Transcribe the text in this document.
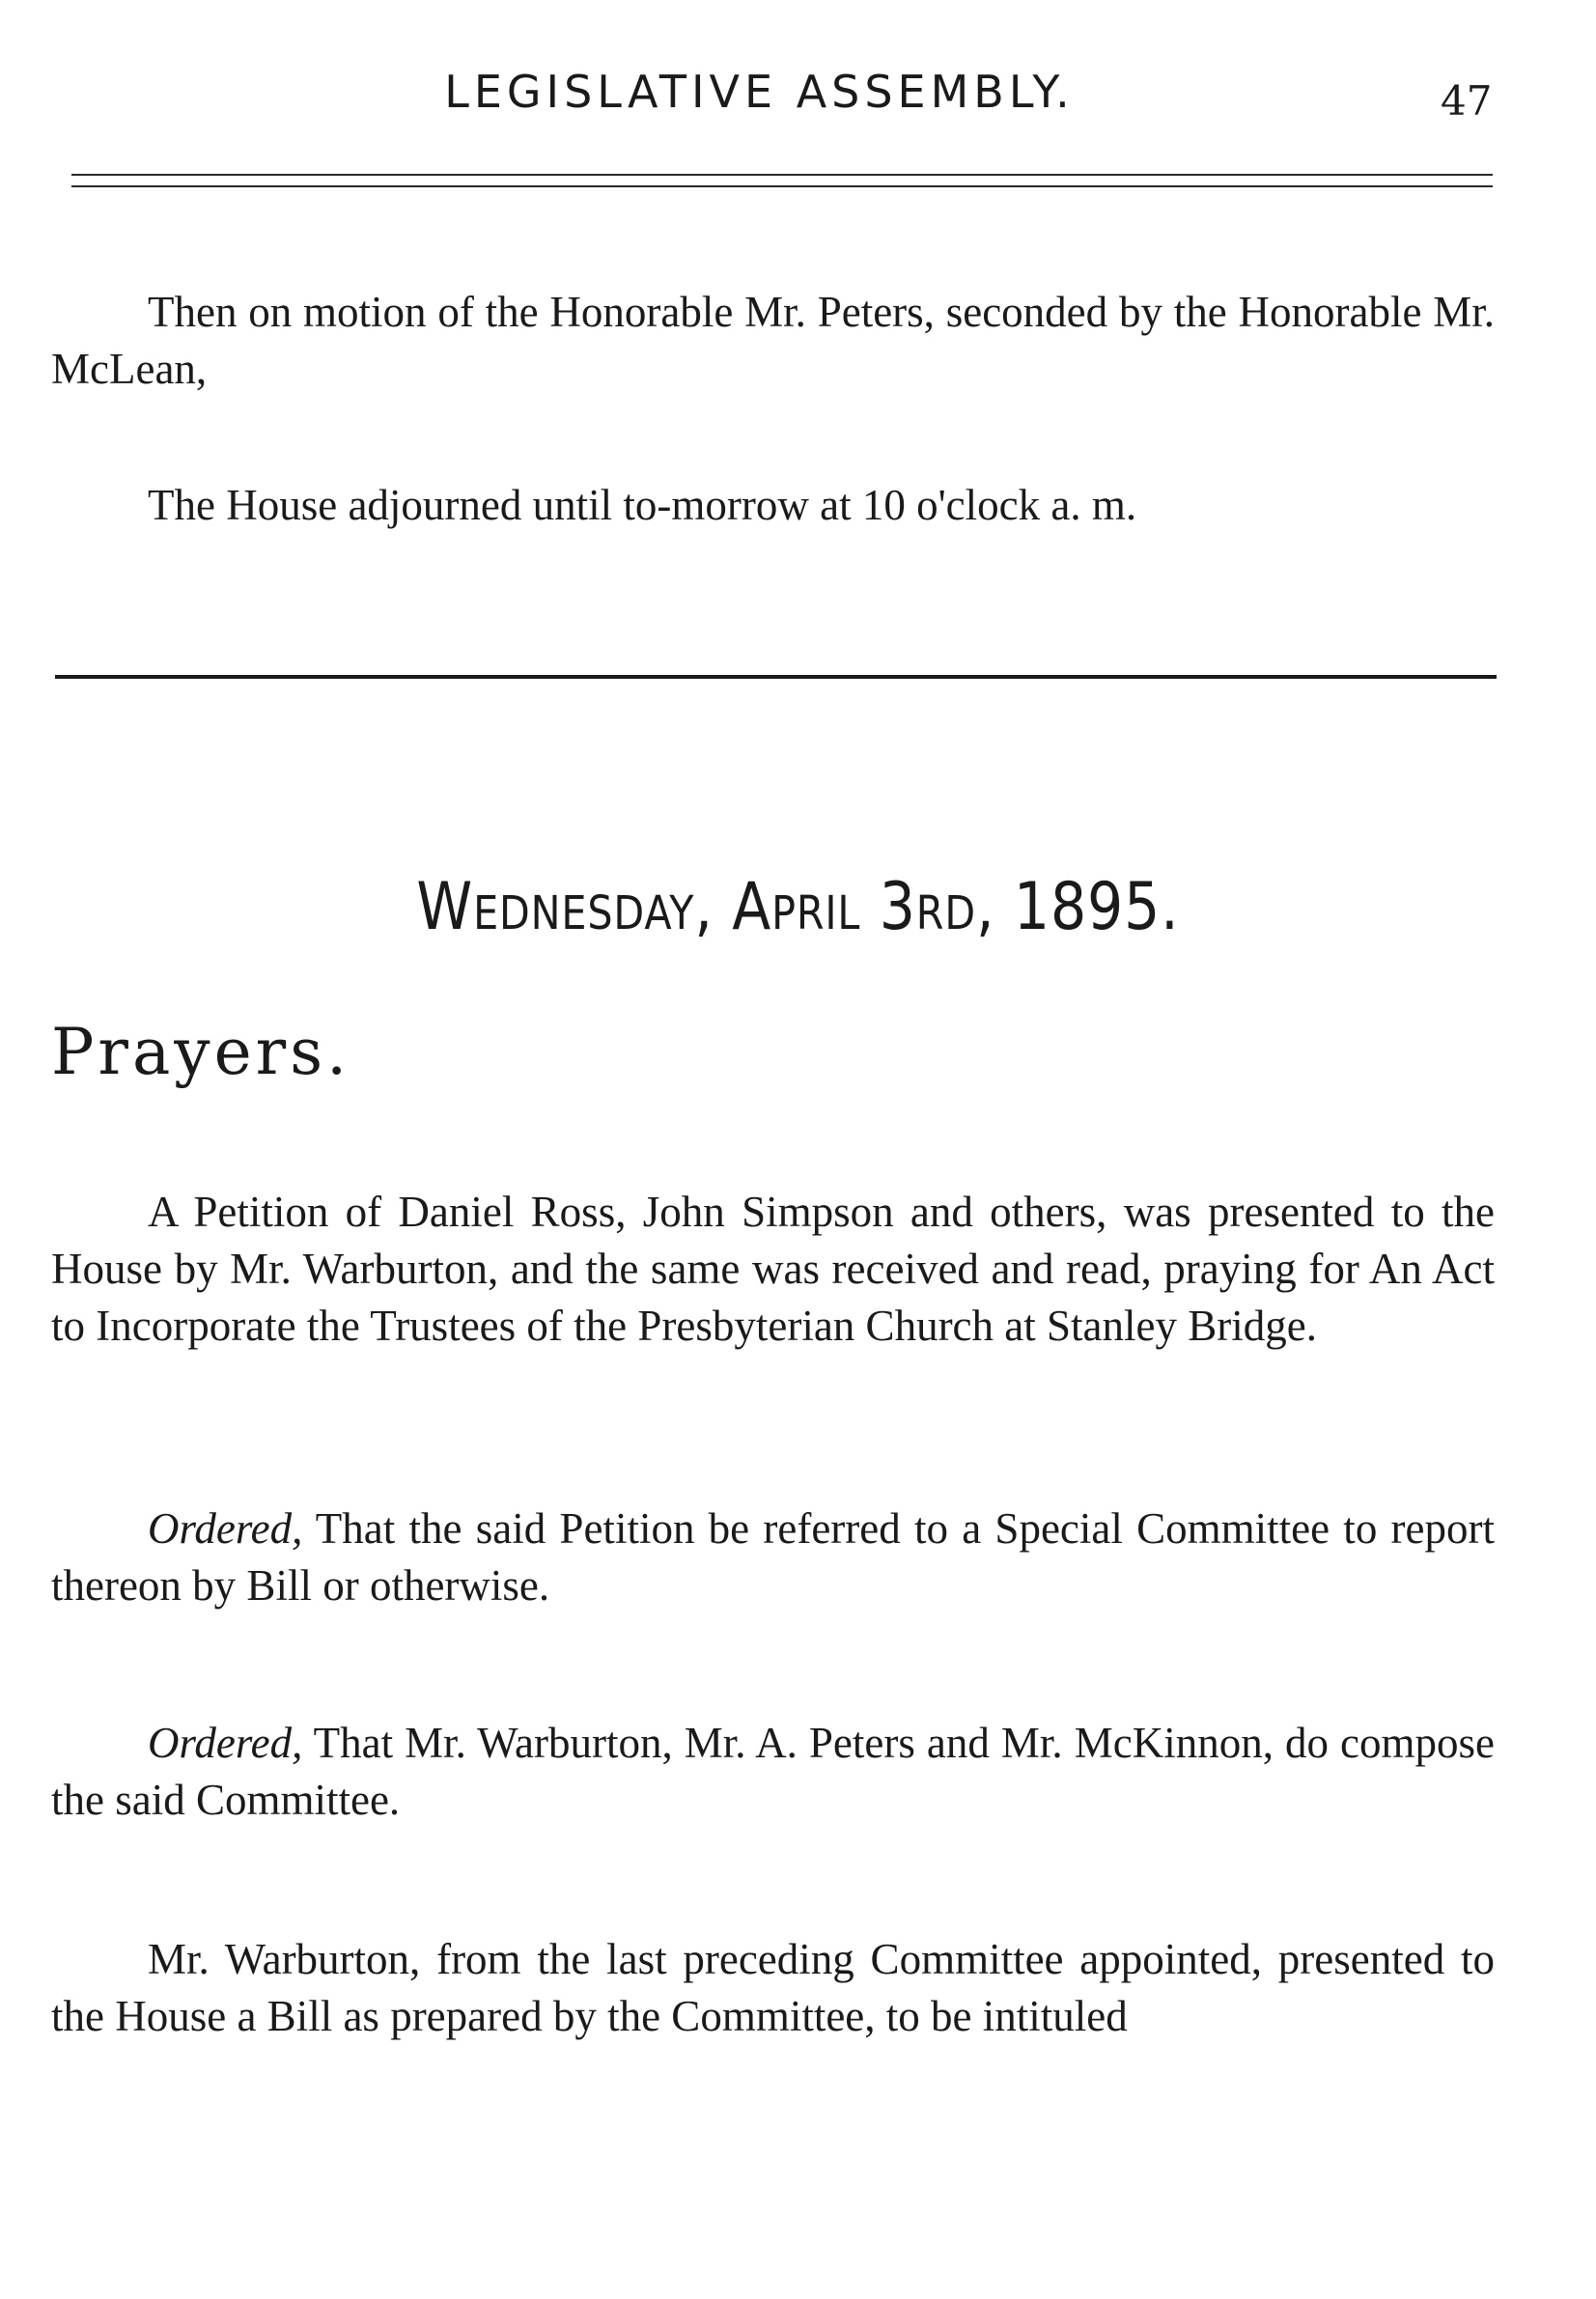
LEGISLATIVE ASSEMBLY.	47

Then on motion of the Honorable Mr. Peters, seconded by the Honorable Mr. McLean,

The House adjourned until to-morrow at 10 o'clock a. m.

Wednesday, April 3rd, 1895.
Prayers.

A Petition of Daniel Ross, John Simpson and others, was presented to the House by Mr. Warburton, and the same was received and read, praying for An Act to Incorporate the Trustees of the Presbyterian Church at Stanley Bridge.

Ordered, That the said Petition be referred to a Special Committee to report thereon by Bill or otherwise.

Ordered, That Mr. Warburton, Mr. A. Peters and Mr. McKinnon, do compose the said Committee.

Mr. Warburton, from the last preceding Committee appointed, presented to the House a Bill as prepared by the Committee, to be intituled
